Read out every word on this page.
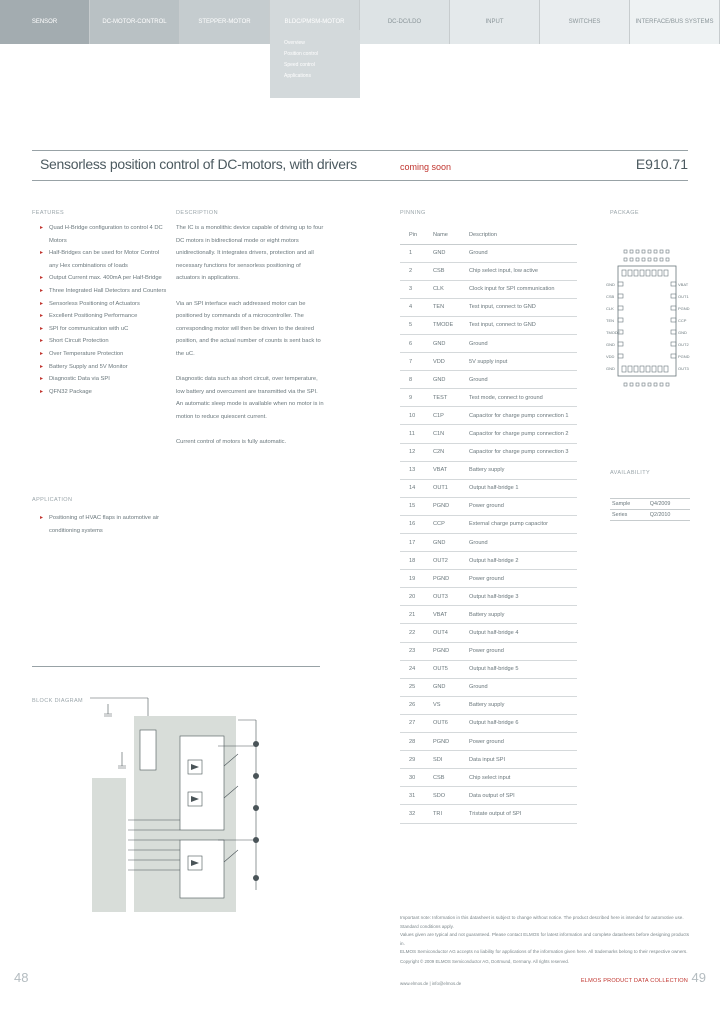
SENSOR	DC-MOTOR-CONTROL	STEPPER-MOTOR	BLDC/PMSM-MOTOR	DC-DC/LDO	INPUT	SWITCHES	INTERFACE/BUS SYSTEMS
Overview
Position control
Speed control
Applications
Sensorless position control of DC-motors, with drivers	coming soon	E910.71
FEATURES
▸ Quad H-Bridge configuration to control 4 DC Motors
▸ Half-Bridges can be used for Motor Control any Hex combinations of loads
▸ Output Current max. 400mA per Half-Bridge
▸ Three Integrated Hall Detectors and Counters
▸ Sensorless Positioning of Actuators
▸ Excellent Positioning Performance
▸ SPI for communication with uC
▸ Short Circuit Protection
▸ Over Temperature Protection
▸ Battery Supply and 5V Monitor
▸ Diagnostic Data via SPI
▸ QFN32 Package
APPLICATION
▸ Positioning of HVAC flaps in automotive air conditioning systems
DESCRIPTION

The IC is a monolithic device capable of driving up to four DC motors in bidirectional mode or eight motors unidirectionally. It integrates drivers, protection and all necessary functions for sensorless positioning of actuators in applications.

Via an SPI interface each addressed motor can be positioned by commands of a microcontroller. The corresponding motor will then be driven to the desired position, and the actual number of counts is sent back to the uC.

Diagnostic data such as short circuit, over temperature, low battery and overcurrent are transmitted via the SPI. An automatic sleep mode is available when no motor is in motion to reduce quiescent current.

Current control of motors is fully automatic.

PINNING
Pin	Name	Description
1	GND	Ground
2	CSB	Chip select input, low active
3	CLK	Clock input for SPI communication
4	TEN	Test input, connect to GND
5	TMODE	Test input, connect to GND
6	GND	Ground
7	VDD	5V supply input
8	GND	Ground
9	TEST	Test mode, connect to ground
10	C1P	Capacitor for charge pump connection 1
11	C1N	Capacitor for charge pump connection 2
12	C2N	Capacitor for charge pump connection 3
13	VBAT	Battery supply
14	OUT1	Output half-bridge 1
15	PGND	Power ground
16	CCP	External charge pump capacitor
17	GND	Ground
18	OUT2	Output half-bridge 2
19	PGND	Power ground
20	OUT3	Output half-bridge 3
21	VBAT	Battery supply
22	OUT4	Output half-bridge 4
23	PGND	Power ground
24	OUT5	Output half-bridge 5
25	GND	Ground
26	VS	Battery supply
27	OUT6	Output half-bridge 6
28	PGND	Power ground
29	SDI	Data input SPI
30	CSB	Chip select input
31	SDO	Data output of SPI
32	TRI	Tristate output of SPI
PACKAGE
GND
CSB
CLK
TEN
TMODE
GND
VDD
GND
VBAT
OUT1
PGND
CCP
GND
OUT2
PGND
OUT3
AVAILABILITY
Sample	Q4/2009
Series	Q2/2010
BLOCK DIAGRAM

Important note: Information in this datasheet is subject to change without notice. The product described here is intended for automotive use. Standard conditions apply.

Values given are typical and not guaranteed. Please contact ELMOS for latest information and complete datasheets before designing products in.

ELMOS Semiconductor AG accepts no liability for applications of the information given here. All trademarks belong to their respective owners.

Copyright © 2009 ELMOS Semiconductor AG, Dortmund, Germany. All rights reserved.
www.elmos.de | info@elmos.de
48	ELMOS PRODUCT DATA COLLECTION 49
